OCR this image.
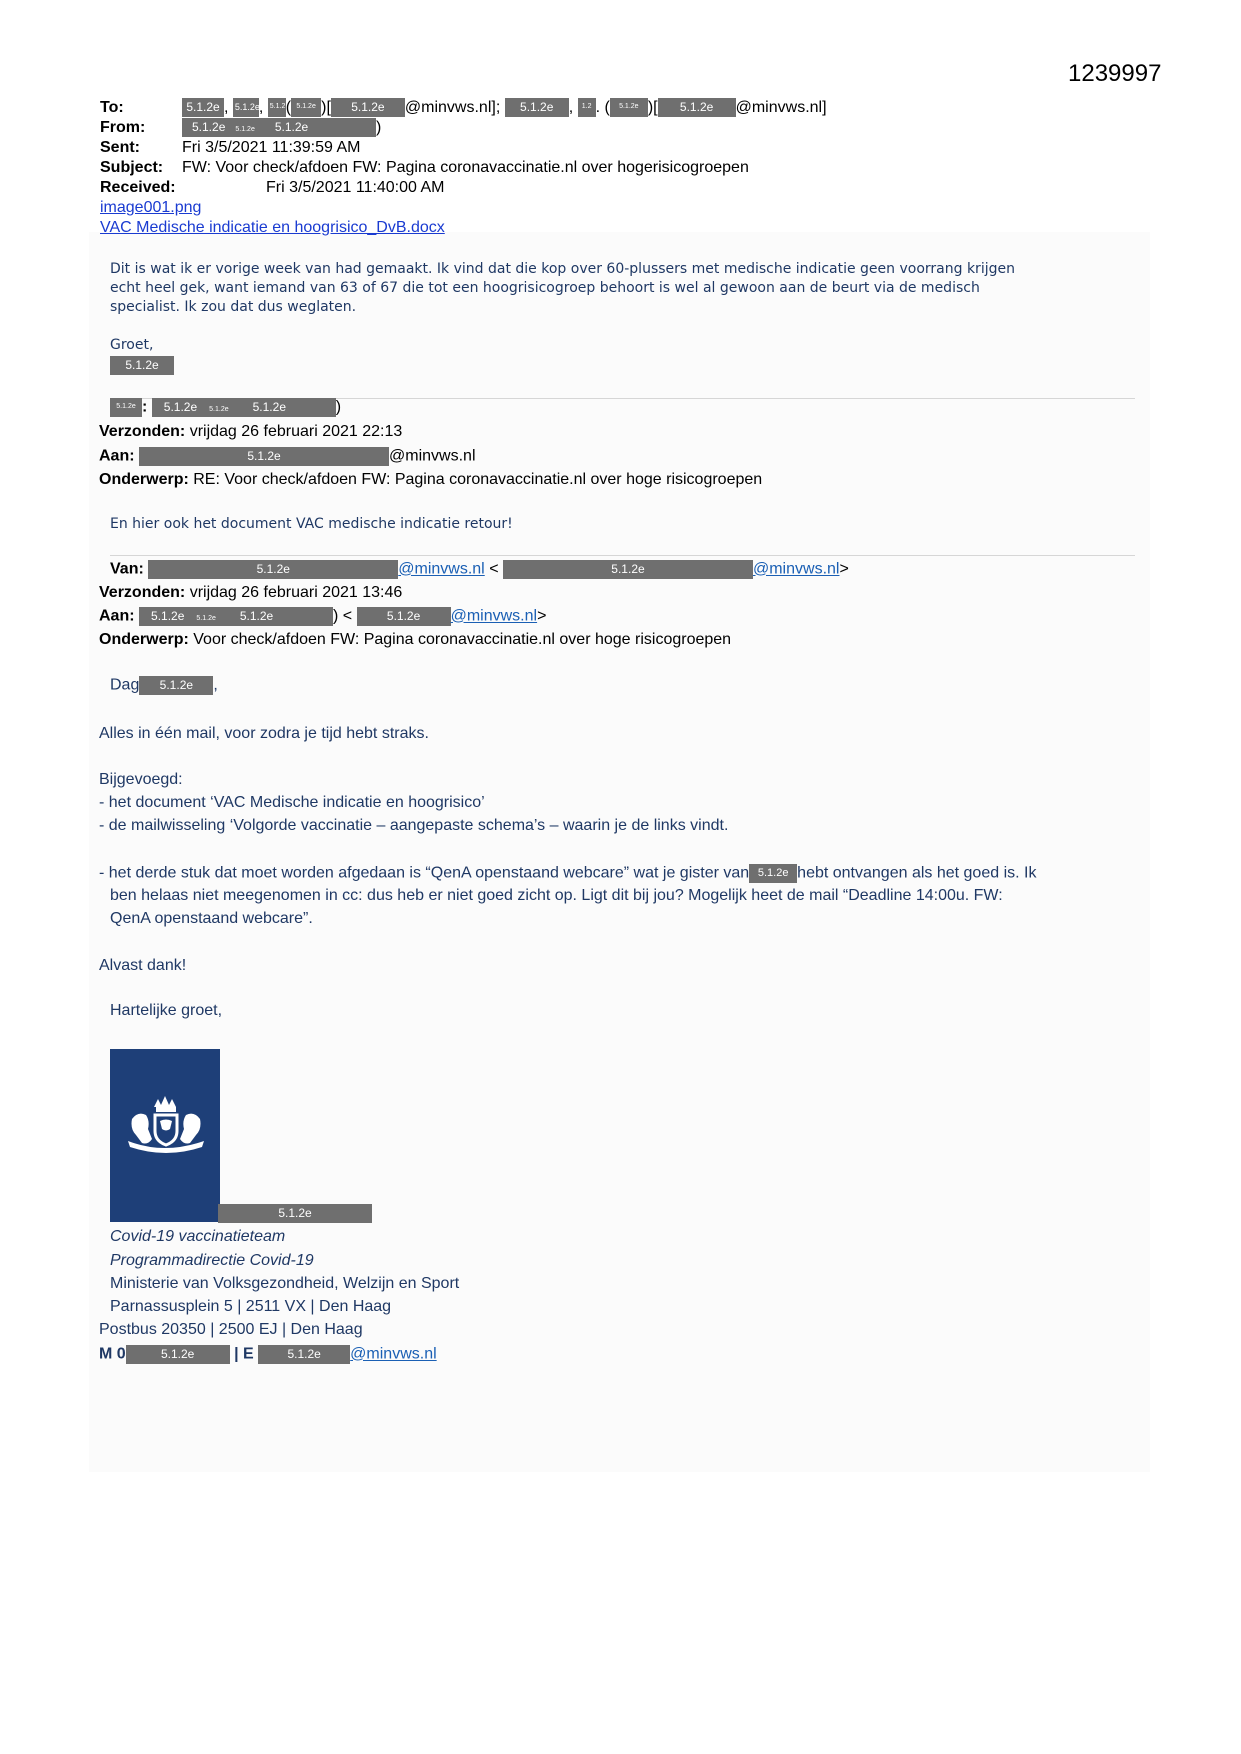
1239997
To:	5.1.2e , 5.1.2e, 5.1.2( 5.1.2e )[ 5.1.2e @minvws.nl]; 5.1.2e , 1.2 . ( 5.1.2e )[ 5.1.2e @minvws.nl]
From:	5.1.2e 5.1.2e 5.1.2e	)
Sent:	Fri 3/5/2021 11:39:59 AM
Subject: FW: Voor check/afdoen FW: Pagina coronavaccinatie.nl over hogerisicogroepen
Received:	Fri 3/5/2021 11:40:00 AM
image001.png
VAC Medische indicatie en hoogrisico_DvB.docx
Dit is wat ik er vorige week van had gemaakt. Ik vind dat die kop over 60-plussers met medische indicatie geen voorrang krijgen
echt heel gek, want iemand van 63 of 67 die tot een hoogrisicogroep behoort is wel al gewoon aan de beurt via de medisch
specialist. Ik zou dat dus weglaten.
Groet,
5.1.2e
5.1.2e : 5.1.2e 5.1.2e 5.1.2e	)
Verzonden: vrijdag 26 februari 2021 22:13
Aan:	5.1.2e	@minvws.nl
Onderwerp: RE: Voor check/afdoen FW: Pagina coronavaccinatie.nl over hoge risicogroepen
En hier ook het document VAC medische indicatie retour!
Van:	5.1.2e	@minvws.nl <	5.1.2e	@minvws.nl>
Verzonden: vrijdag 26 februari 2021 13:46
Aan: 5.1.2e 5.1.2e 5.1.2e	) <	5.1.2e @minvws.nl>
Onderwerp: Voor check/afdoen FW: Pagina coronavaccinatie.nl over hoge risicogroepen
Dag 5.1.2e ,
Alles in één mail, voor zodra je tijd hebt straks.
Bijgevoegd:
- het document ‘VAC Medische indicatie en hoogrisico’
- de mailwisseling ‘Volgorde vaccinatie – aangepaste schema’s – waarin je de links vindt.
- het derde stuk dat moet worden afgedaan is “QenA openstaand webcare” wat je gister van 5.1.2e hebt ontvangen als het goed is. Ik
ben helaas niet meegenomen in cc: dus heb er niet goed zicht op. Ligt dit bij jou? Mogelijk heet de mail “Deadline 14:00u. FW:
QenA openstaand webcare”.
Alvast dank!
Hartelijke groet,
5.1.2e
Covid-19 vaccinatieteam
Programmadirectie Covid-19
Ministerie van Volksgezondheid, Welzijn en Sport
Parnassusplein 5 | 2511 VX | Den Haag
Postbus 20350 | 2500 EJ | Den Haag
M 0	5.1.2e | E	5.1.2e @minvws.nl
